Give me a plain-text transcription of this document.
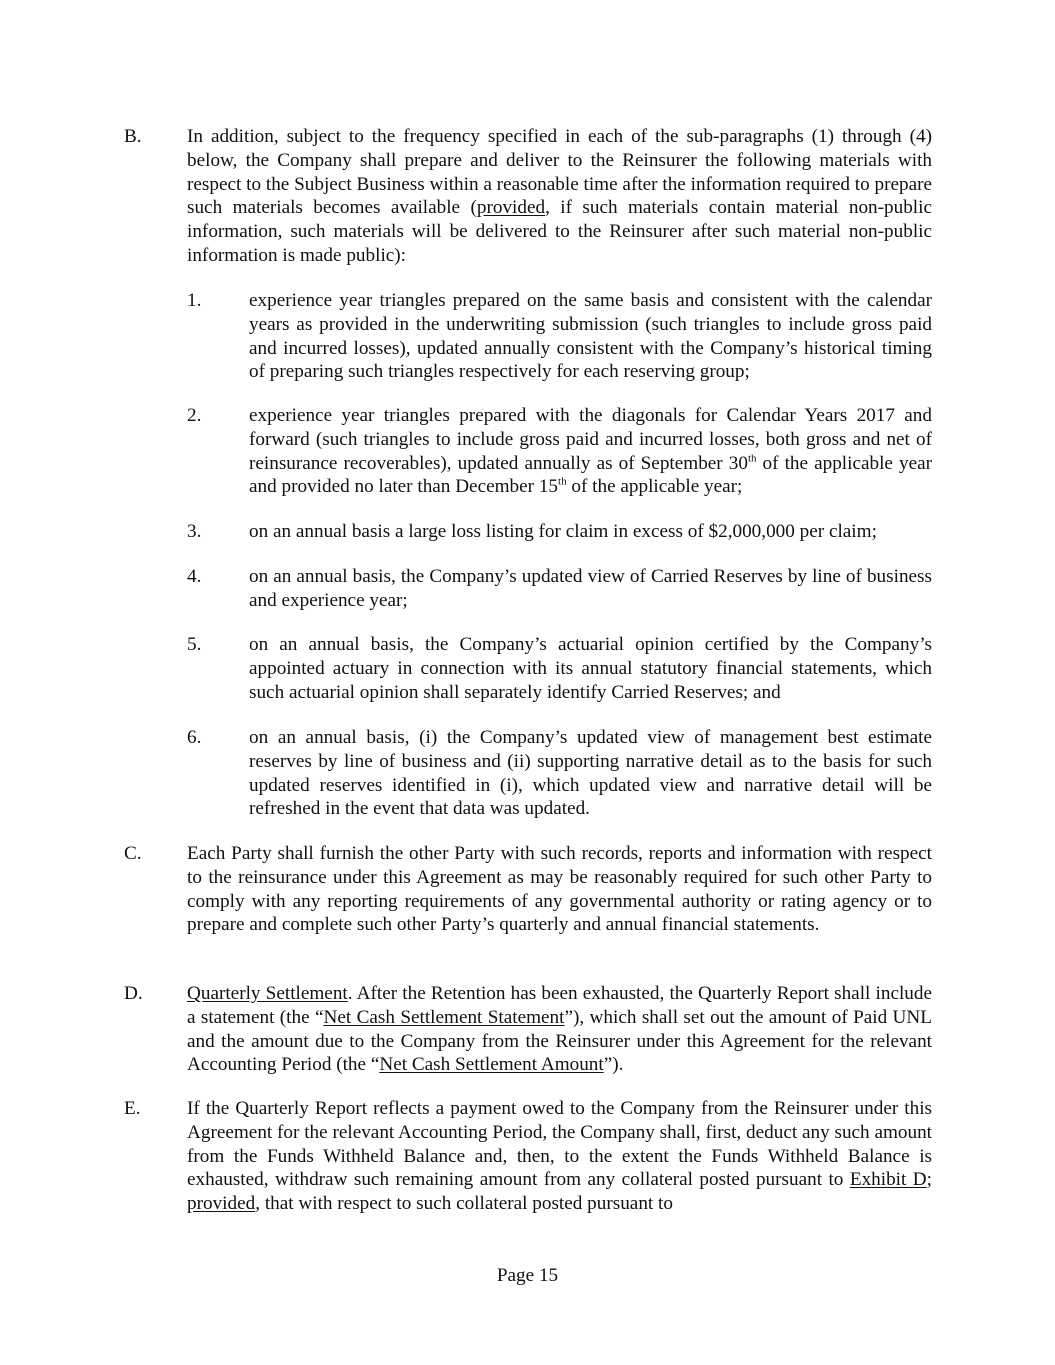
B. In addition, subject to the frequency specified in each of the sub-paragraphs (1) through (4) below, the Company shall prepare and deliver to the Reinsurer the following materials with respect to the Subject Business within a reasonable time after the information required to prepare such materials becomes available (provided, if such materials contain material non-public information, such materials will be delivered to the Reinsurer after such material non-public information is made public):
1. experience year triangles prepared on the same basis and consistent with the calendar years as provided in the underwriting submission (such triangles to include gross paid and incurred losses), updated annually consistent with the Company’s historical timing of preparing such triangles respectively for each reserving group;
2. experience year triangles prepared with the diagonals for Calendar Years 2017 and forward (such triangles to include gross paid and incurred losses, both gross and net of reinsurance recoverables), updated annually as of September 30th of the applicable year and provided no later than December 15th of the applicable year;
3. on an annual basis a large loss listing for claim in excess of $2,000,000 per claim;
4. on an annual basis, the Company’s updated view of Carried Reserves by line of business and experience year;
5. on an annual basis, the Company’s actuarial opinion certified by the Company’s appointed actuary in connection with its annual statutory financial statements, which such actuarial opinion shall separately identify Carried Reserves; and
6. on an annual basis, (i) the Company’s updated view of management best estimate reserves by line of business and (ii) supporting narrative detail as to the basis for such updated reserves identified in (i), which updated view and narrative detail will be refreshed in the event that data was updated.
C. Each Party shall furnish the other Party with such records, reports and information with respect to the reinsurance under this Agreement as may be reasonably required for such other Party to comply with any reporting requirements of any governmental authority or rating agency or to prepare and complete such other Party’s quarterly and annual financial statements.
D. Quarterly Settlement. After the Retention has been exhausted, the Quarterly Report shall include a statement (the “Net Cash Settlement Statement”), which shall set out the amount of Paid UNL and the amount due to the Company from the Reinsurer under this Agreement for the relevant Accounting Period (the “Net Cash Settlement Amount”).
E. If the Quarterly Report reflects a payment owed to the Company from the Reinsurer under this Agreement for the relevant Accounting Period, the Company shall, first, deduct any such amount from the Funds Withheld Balance and, then, to the extent the Funds Withheld Balance is exhausted, withdraw such remaining amount from any collateral posted pursuant to Exhibit D; provided, that with respect to such collateral posted pursuant to
Page 15
